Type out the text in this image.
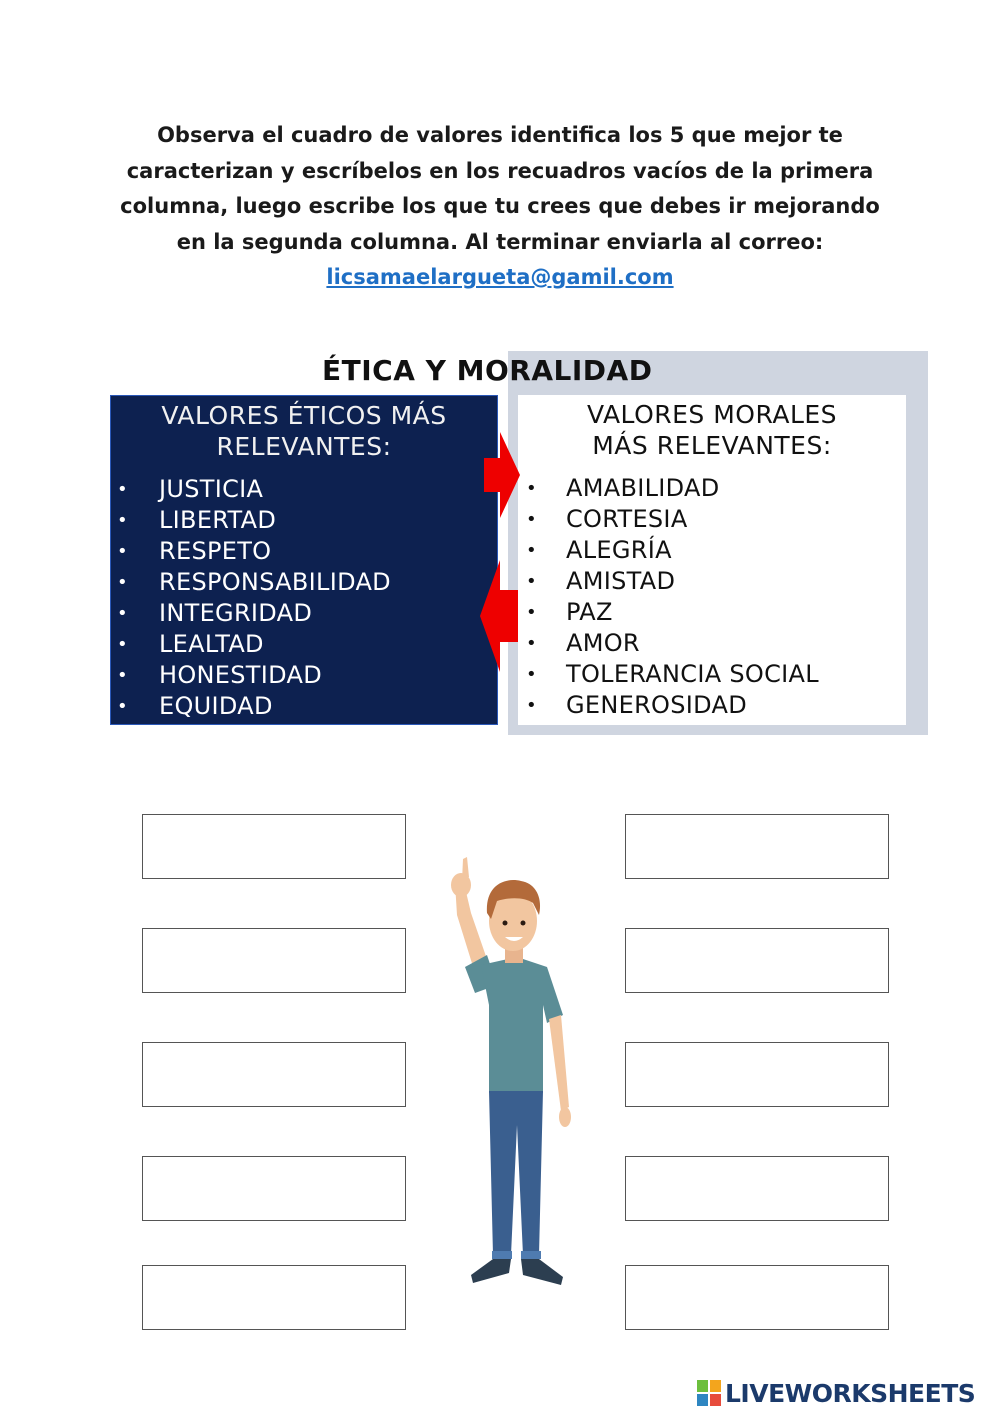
Observa el cuadro de valores identifica los 5 que mejor te
caracterizan y escríbelos en los recuadros vacíos de la primera
columna, luego escribe los que tu crees que debes ir mejorando
en la segunda columna. Al terminar enviarla al correo:
licsamaelargueta@gamil.com
ÉTICA Y MORALIDAD
VALORES ÉTICOS MÁS
RELEVANTES:
• JUSTICIA
• LIBERTAD
• RESPETO
• RESPONSABILIDAD
• INTEGRIDAD
• LEALTAD
• HONESTIDAD
• EQUIDAD
VALORES MORALES
MÁS RELEVANTES:
• AMABILIDAD
• CORTESIA
• ALEGRÍA
• AMISTAD
• PAZ
• AMOR
• TOLERANCIA SOCIAL
• GENEROSIDAD
LIVEWORKSHEETS
